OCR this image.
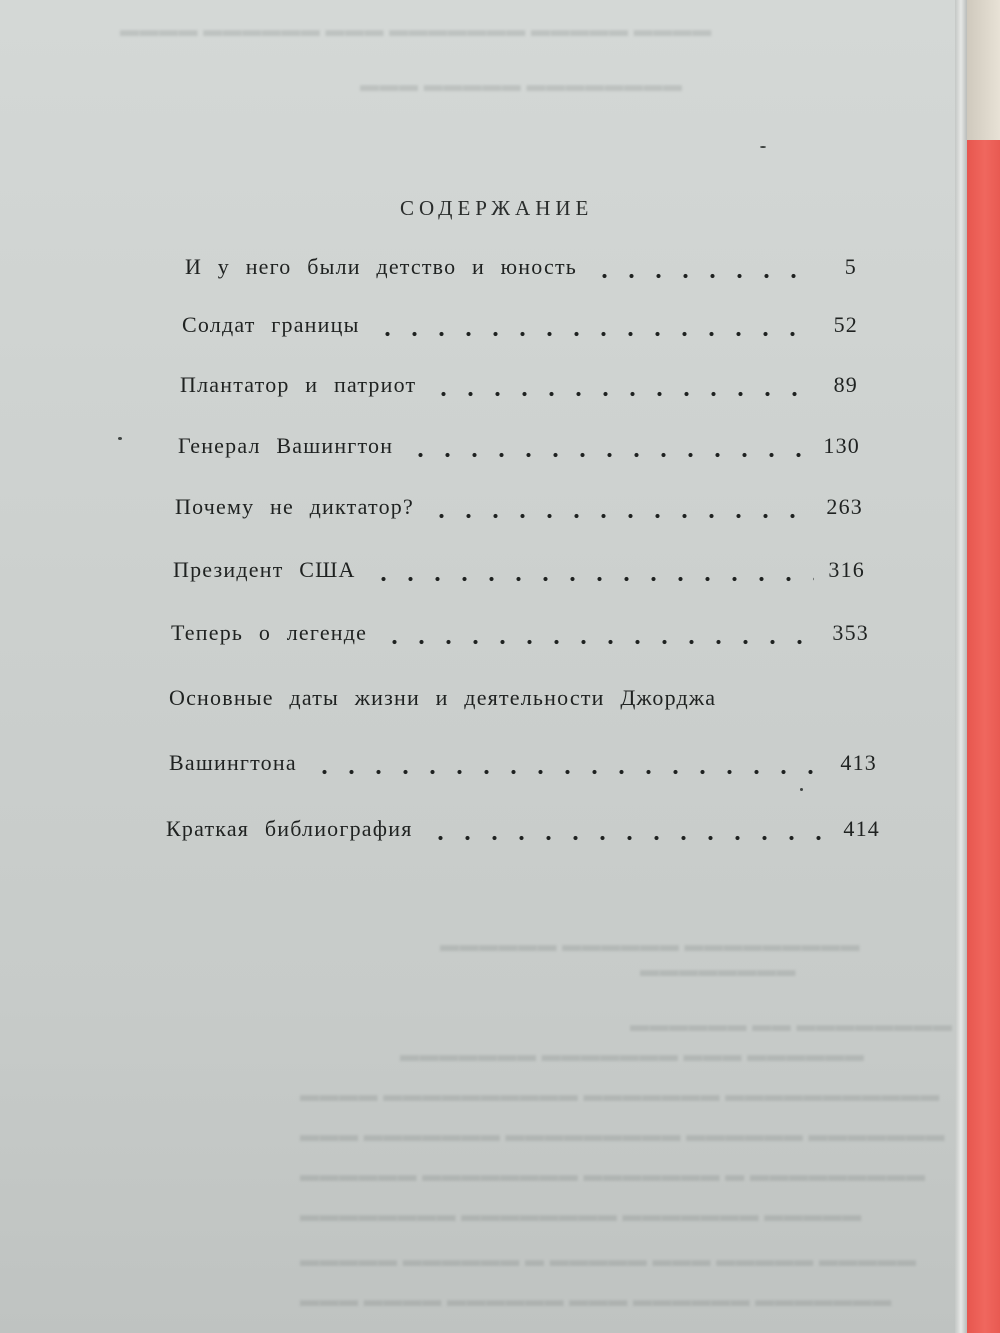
▬▬▬▬ ▬▬▬▬▬▬ ▬▬▬ ▬▬▬▬▬▬▬ ▬▬▬▬▬ ▬▬▬▬
▬▬▬ ▬▬▬▬▬ ▬▬▬▬▬▬▬▬
▬▬▬▬▬▬ ▬▬▬▬▬▬ ▬▬▬▬▬▬▬▬▬
▬▬▬▬▬▬▬▬
▬▬▬▬▬▬ ▬▬ ▬▬▬▬▬▬▬▬
▬▬▬▬▬▬▬ ▬▬▬▬▬▬▬ ▬▬▬ ▬▬▬▬▬▬
▬▬▬▬ ▬▬▬▬▬▬▬▬▬▬ ▬▬▬▬▬▬▬ ▬▬▬▬▬▬▬▬▬▬▬
▬▬▬ ▬▬▬▬▬▬▬ ▬▬▬▬▬▬▬▬▬ ▬▬▬▬▬▬ ▬▬▬▬▬▬▬
▬▬▬▬▬▬ ▬▬▬▬▬▬▬▬ ▬▬▬▬▬▬▬ ▬ ▬▬▬▬▬▬▬▬▬
▬▬▬▬▬▬▬▬ ▬▬▬▬▬▬▬▬ ▬▬▬▬▬▬▬ ▬▬▬▬▬
▬▬▬▬▬ ▬▬▬▬▬▬ ▬ ▬▬▬▬▬ ▬▬▬ ▬▬▬▬▬ ▬▬▬▬▬
▬▬▬ ▬▬▬▬ ▬▬▬▬▬▬ ▬▬▬ ▬▬▬▬▬▬ ▬▬▬▬▬▬▬
СОДЕРЖАНИЕ
И у него были детство и юность	5
Солдат границы	52
Плантатор и патриот	89
Генерал Вашингтон	130
Почему не диктатор?	263
Президент США	316
Теперь о легенде	353
Основные даты жизни и деятельности Джорджа
Вашингтона	413
Краткая библиография	414
